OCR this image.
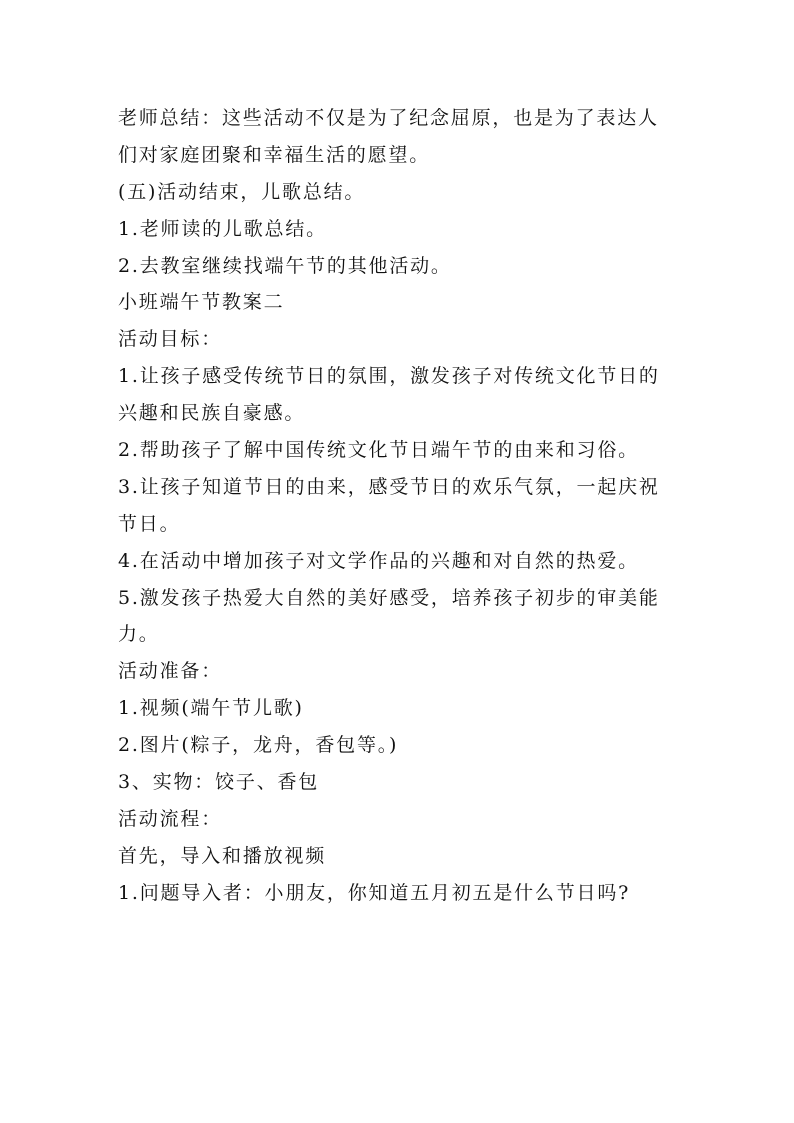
老师总结：这些活动不仅是为了纪念屈原，也是为了表达人
们对家庭团聚和幸福生活的愿望。
(五)活动结束，儿歌总结。
1.老师读的儿歌总结。
2.去教室继续找端午节的其他活动。
小班端午节教案二
活动目标：
1.让孩子感受传统节日的氛围，激发孩子对传统文化节日的
兴趣和民族自豪感。
2.帮助孩子了解中国传统文化节日端午节的由来和习俗。
3.让孩子知道节日的由来，感受节日的欢乐气氛，一起庆祝
节日。
4.在活动中增加孩子对文学作品的兴趣和对自然的热爱。
5.激发孩子热爱大自然的美好感受，培养孩子初步的审美能
力。
活动准备：
1.视频(端午节儿歌)
2.图片(粽子，龙舟，香包等。)
3、实物：饺子、香包
活动流程：
首先，导入和播放视频
1.问题导入者：小朋友，你知道五月初五是什么节日吗?
